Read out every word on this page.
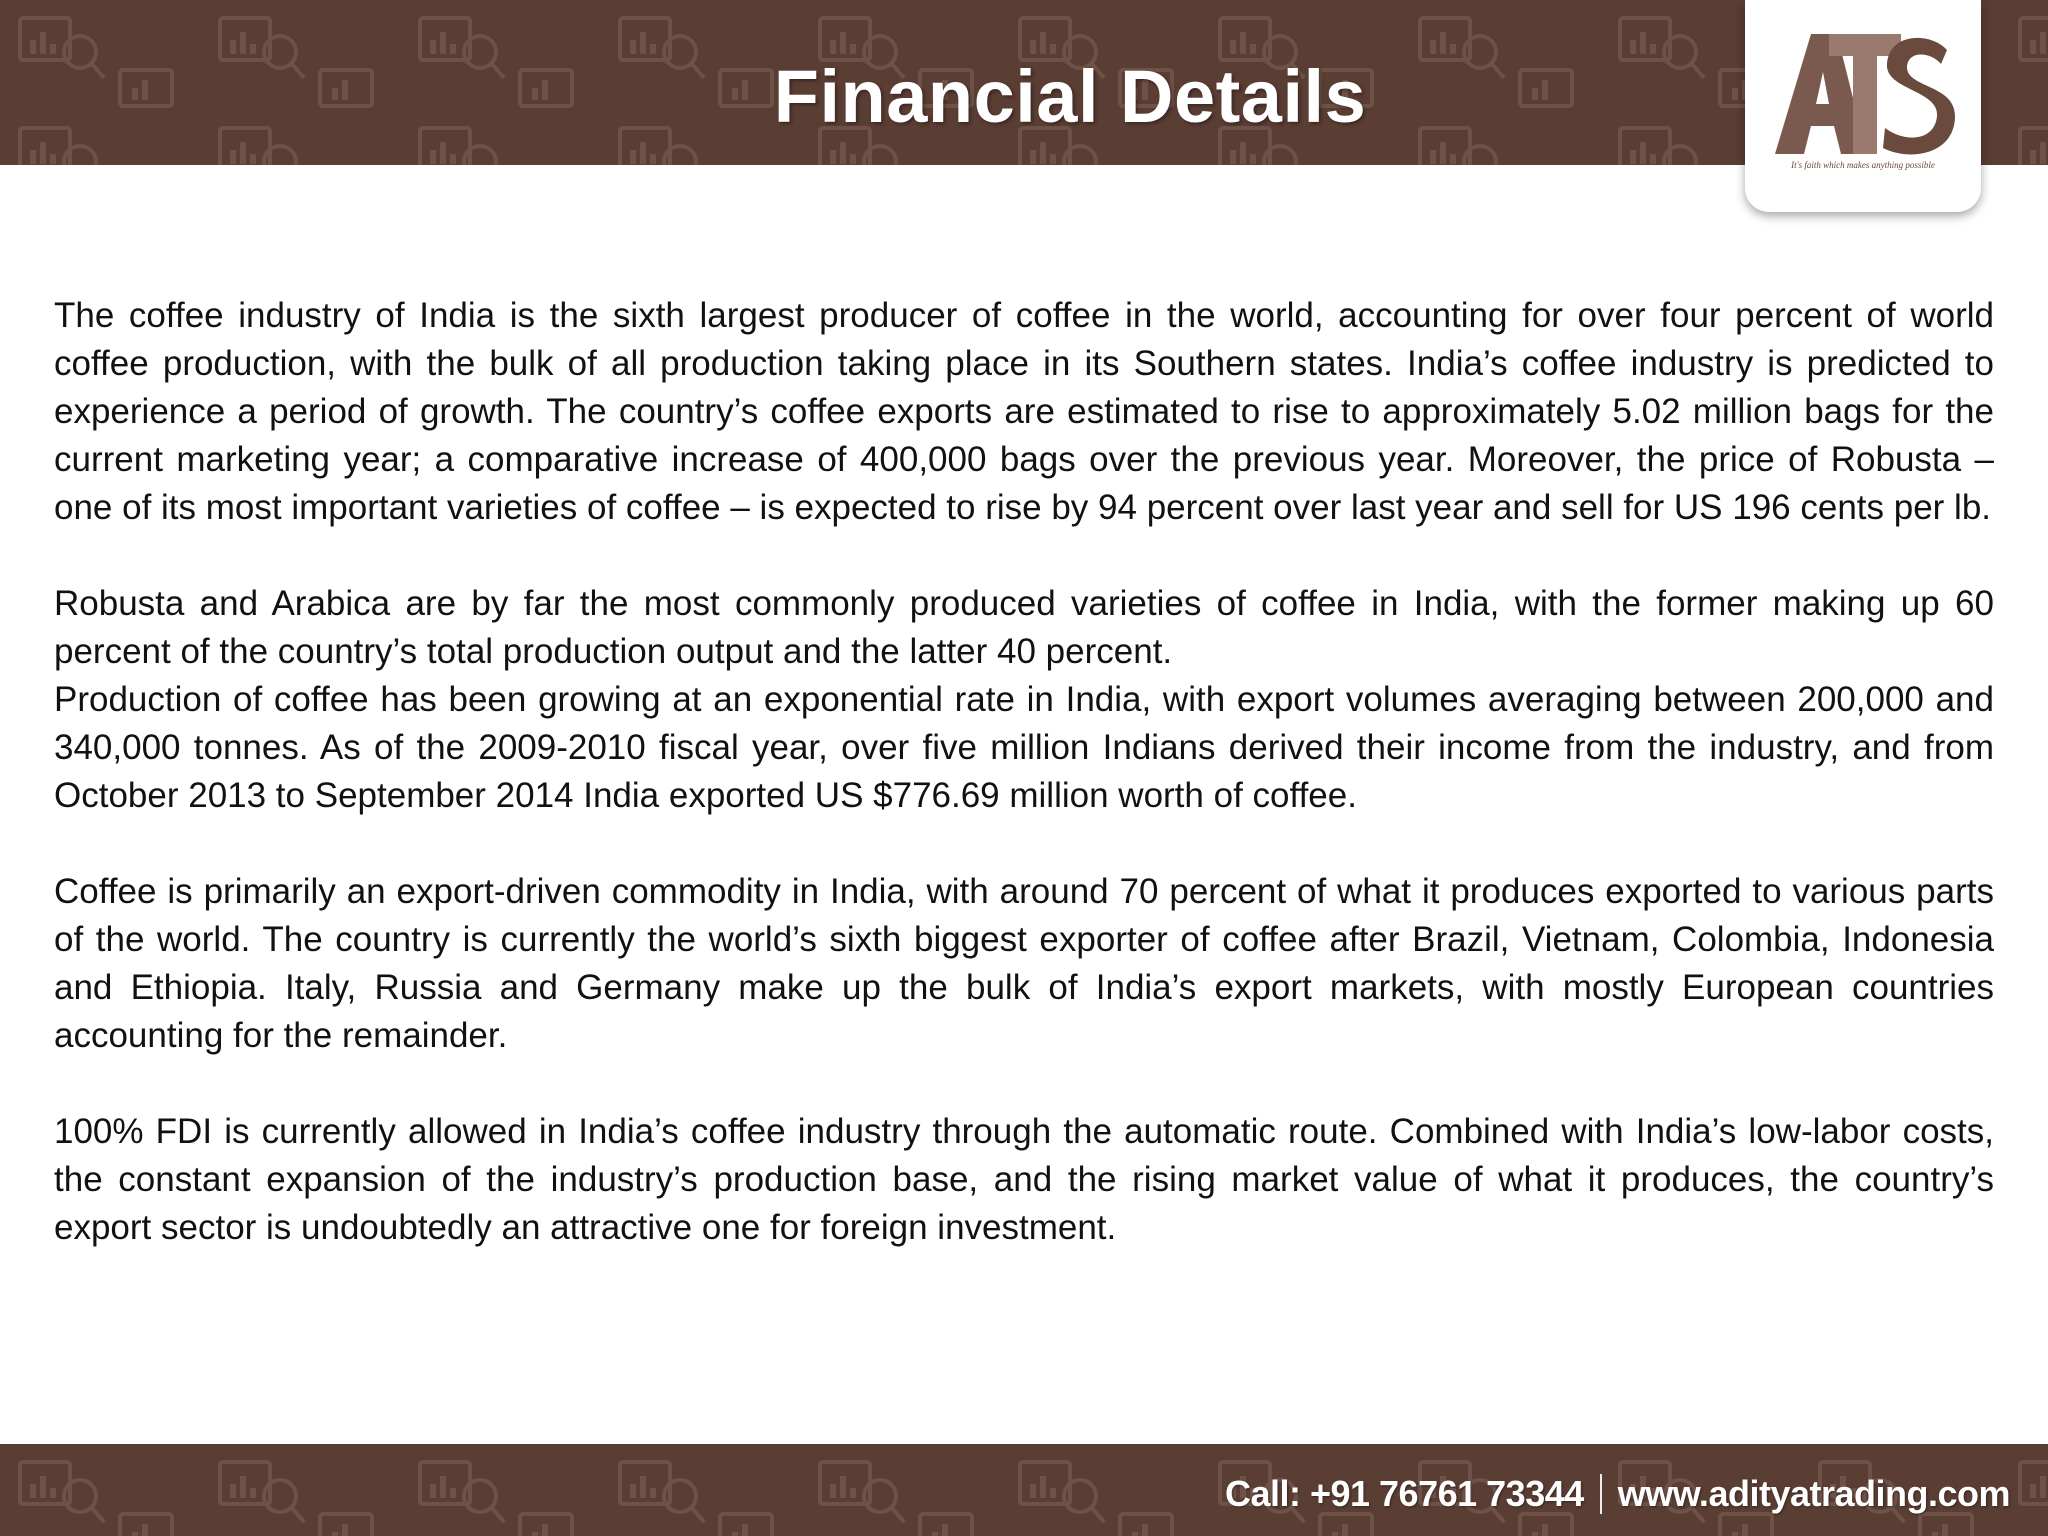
Financial Details
It's faith which makes anything possible

The coffee industry of India is the sixth largest producer of coffee in the world, accounting for over four percent of world coffee production, with the bulk of all production taking place in its Southern states. India’s coffee industry is predicted to experience a period of growth. The country’s coffee exports are estimated to rise to approximately 5.02 million bags for the current marketing year; a comparative increase of 400,000 bags over the previous year. Moreover, the price of Robusta – one of its most important varieties of coffee – is expected to rise by 94 percent over last year and sell for US 196 cents per lb.

Robusta and Arabica are by far the most commonly produced varieties of coffee in India, with the former making up 60 percent of the country’s total production output and the latter 40 percent.

Production of coffee has been growing at an exponential rate in India, with export volumes averaging between 200,000 and 340,000 tonnes. As of the 2009-2010 fiscal year, over five million Indians derived their income from the industry, and from October 2013 to September 2014 India exported US $776.69 million worth of coffee.

Coffee is primarily an export-driven commodity in India, with around 70 percent of what it produces exported to various parts of the world. The country is currently the world’s sixth biggest exporter of coffee after Brazil, Vietnam, Colombia, Indonesia and Ethiopia. Italy, Russia and Germany make up the bulk of India’s export markets, with mostly European countries accounting for the remainder.

100% FDI is currently allowed in India’s coffee industry through the automatic route. Combined with India’s low-labor costs, the constant expansion of the industry’s production base, and the rising market value of what it produces, the country’s export sector is undoubtedly an attractive one for foreign investment.

Call: +91 76761 73344 www.adityatrading.com
